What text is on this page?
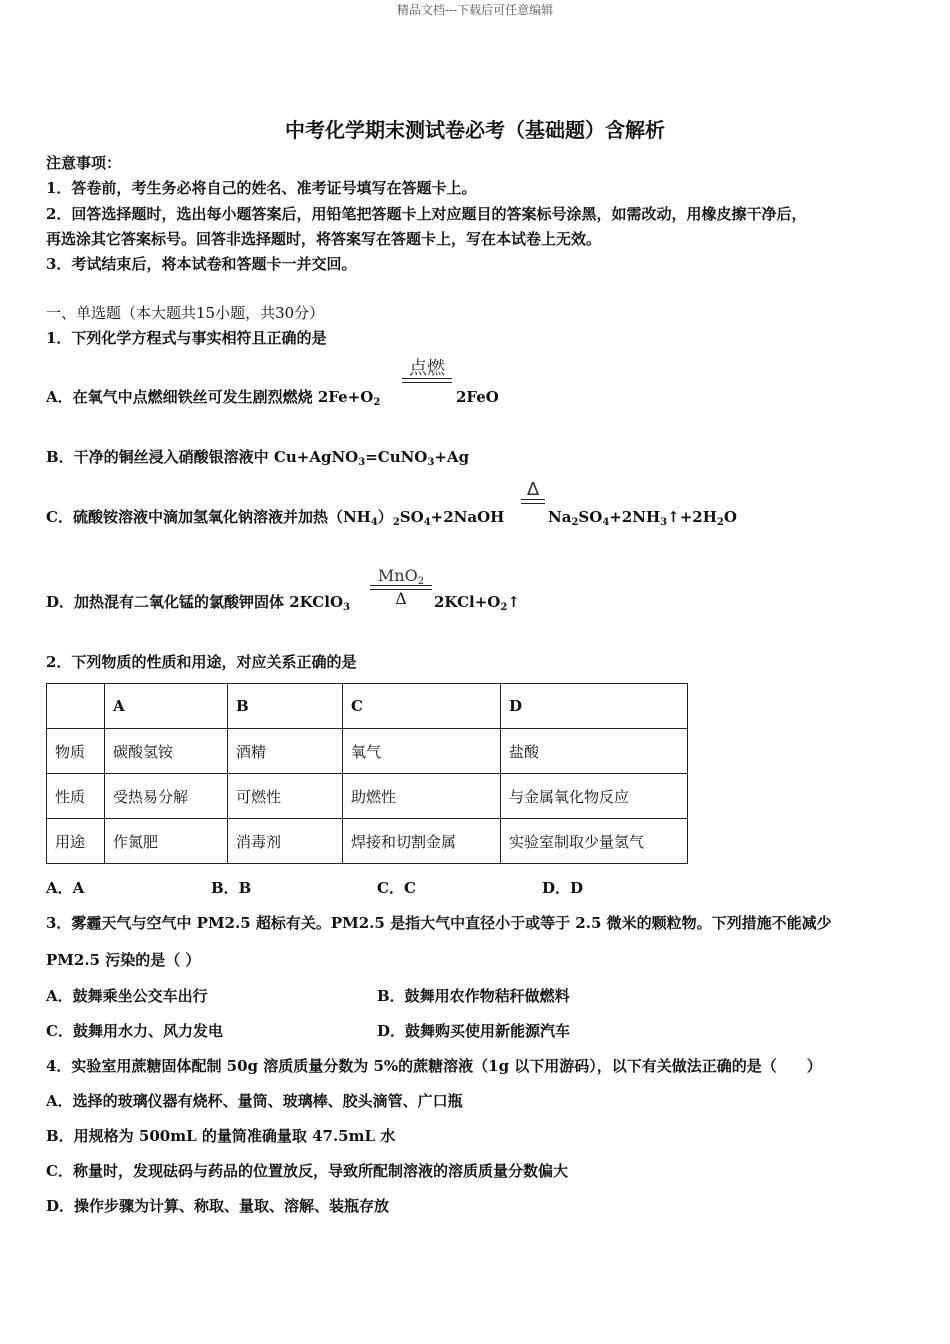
精品文档---下载后可任意编辑
中考化学期末测试卷必考（基础题）含解析
注意事项：
1．答卷前，考生务必将自己的姓名、准考证号填写在答题卡上。
2．回答选择题时，选出每小题答案后，用铅笔把答题卡上对应题目的答案标号涂黑，如需改动，用橡皮擦干净后，
再选涂其它答案标号。回答非选择题时，将答案写在答题卡上，写在本试卷上无效。
3．考试结束后，将本试卷和答题卡一并交回。
一、单选题（本大题共15小题，共30分）
1．下列化学方程式与事实相符且正确的是
A．在氧气中点燃细铁丝可发生剧烈燃烧 $2Fe+O_2$
点燃
2FeO
B．干净的铜丝浸入硝酸银溶液中 Cu+AgNO$_3$=CuNO$_3$+Ag
C．硫酸铵溶液中滴加氢氧化钠溶液并加热$(NH_4)_2SO_4+2NaOH$
Δ
$Na_2SO_4+2NH_3↑+2H_2O$
D．加热混有二氧化锰的氯酸钾固体 2KClO$_3$
MnO$_2$
Δ	$2KCl+O_2↑$
2．下列物质的性质和用途，对应关系正确的是
	A	B	C	D
物质	碳酸氢铵	酒精	氧气	盐酸
性质	受热易分解	可燃性	助燃性	与金属氧化物反应
用途	作氮肥	消毒剂	焊接和切割金属	实验室制取少量氢气
A．A	B．B	C．C	D．D
3．雾霾天气与空气中 PM2.5 超标有关。PM2.5 是指大气中直径小于或等于 2.5 微米的颗粒物。下列措施不能减少
PM2.5 污染的是（ ）
A．鼓舞乘坐公交车出行	B．鼓舞用农作物秸秆做燃料
C．鼓舞用水力、风力发电	D．鼓舞购买使用新能源汽车
4．实验室用蔗糖固体配制 50g 溶质质量分数为 5%的蔗糖溶液（1g 以下用游码），以下有关做法正确的是（　　）
A．选择的玻璃仪器有烧杯、量筒、玻璃棒、胶头滴管、广口瓶
B．用规格为 500mL 的量筒准确量取 47.5mL 水
C．称量时，发现砝码与药品的位置放反，导致所配制溶液的溶质质量分数偏大
D．操作步骤为计算、称取、量取、溶解、装瓶存放
